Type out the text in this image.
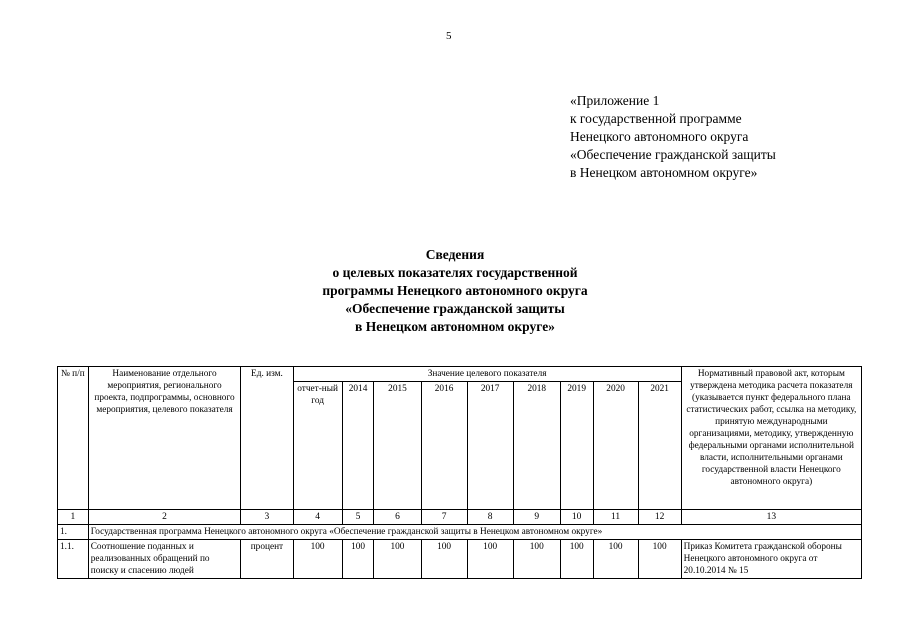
5
«Приложение 1
к государственной программе
Ненецкого автономного округа
«Обеспечение гражданской защиты
в Ненецком автономном округе»
Сведения
о целевых показателях государственной
программы Ненецкого автономного округа
«Обеспечение гражданской защиты
в Ненецком автономном округе»
№ п/п	Наименование отдельного мероприятия, регионального проекта, подпрограммы, основного мероприятия, целевого показателя	Ед. изм.	Значение целевого показателя									Нормативный правовой акт, которым утверждена методика расчета показателя (указывается пункт федерального плана статистических работ, ссылка на методику, принятую международными организациями, методику, утвержденную федеральными органами исполнительной власти, исполнительными органами государственной власти Ненецкого автономного округа)
			отчет-ный год	2014	2015	2016	2017	2018	2019	2020	2021	
1	2	3	4	5	6	7	8	9	10	11	12	13
1.	Государственная программа Ненецкого автономного округа «Обеспечение гражданской защиты в Ненецком автономном округе»											
1.1.	Соотношение поданных и реализованных обращений по поиску и спасению людей	процент	100	100	100	100	100	100	100	100	100	Приказ Комитета гражданской обороны Ненецкого автономного округа от 20.10.2014 № 15
